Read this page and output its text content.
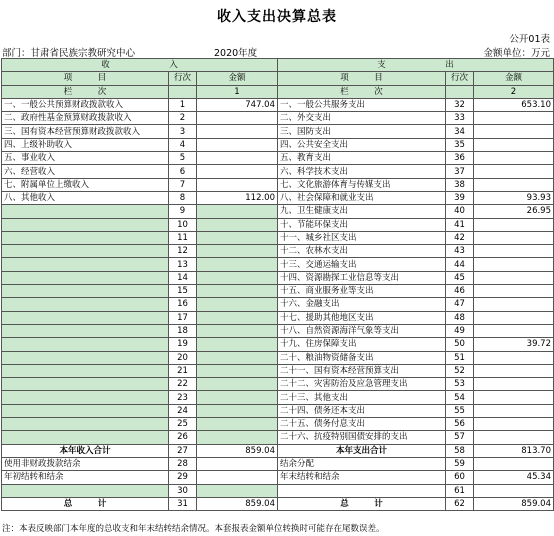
收入支出决算总表
公开01表
部门：甘肃省民族宗教研究中心	2020年度	金额单位：万元
收　　　　　　　入			支　　　　　　　出		
项　　　目	行次	金额	项　　　目	行次	金额
栏　　　次		1	栏　　　次		2
一、一般公共预算财政拨款收入	1	747.04	一、一般公共服务支出	32	653.10
二、政府性基金预算财政拨款收入	2		二、外交支出	33	
三、国有资本经营预算财政拨款收入	3		三、国防支出	34	
四、上级补助收入	4		四、公共安全支出	35	
五、事业收入	5		五、教育支出	36	
六、经营收入	6		六、科学技术支出	37	
七、附属单位上缴收入	7		七、文化旅游体育与传媒支出	38	
八、其他收入	8	112.00	八、社会保障和就业支出	39	93.93
	9		九、卫生健康支出	40	26.95
	10		十、节能环保支出	41	
	11		十一、城乡社区支出	42	
	12		十二、农林水支出	43	
	13		十三、交通运输支出	44	
	14		十四、资源勘探工业信息等支出	45	
	15		十五、商业服务业等支出	46	
	16		十六、金融支出	47	
	17		十七、援助其他地区支出	48	
	18		十八、自然资源海洋气象等支出	49	
	19		十九、住房保障支出	50	39.72
	20		二十、粮油物资储备支出	51	
	21		二十一、国有资本经营预算支出	52	
	22		二十二、灾害防治及应急管理支出	53	
	23		二十三、其他支出	54	
	24		二十四、债务还本支出	55	
	25		二十五、债务付息支出	56	
	26		二十六、抗疫特别国债安排的支出	57	
本年收入合计	27	859.04	本年支出合计	58	813.70
使用非财政拨款结余	28		结余分配	59	
年初结转和结余	29		年末结转和结余	60	45.34
	30			61	
总　　　计	31	859.04	总　　　计	62	859.04
注：本表反映部门本年度的总收支和年末结转结余情况。本套报表金额单位转换时可能存在尾数误差。
